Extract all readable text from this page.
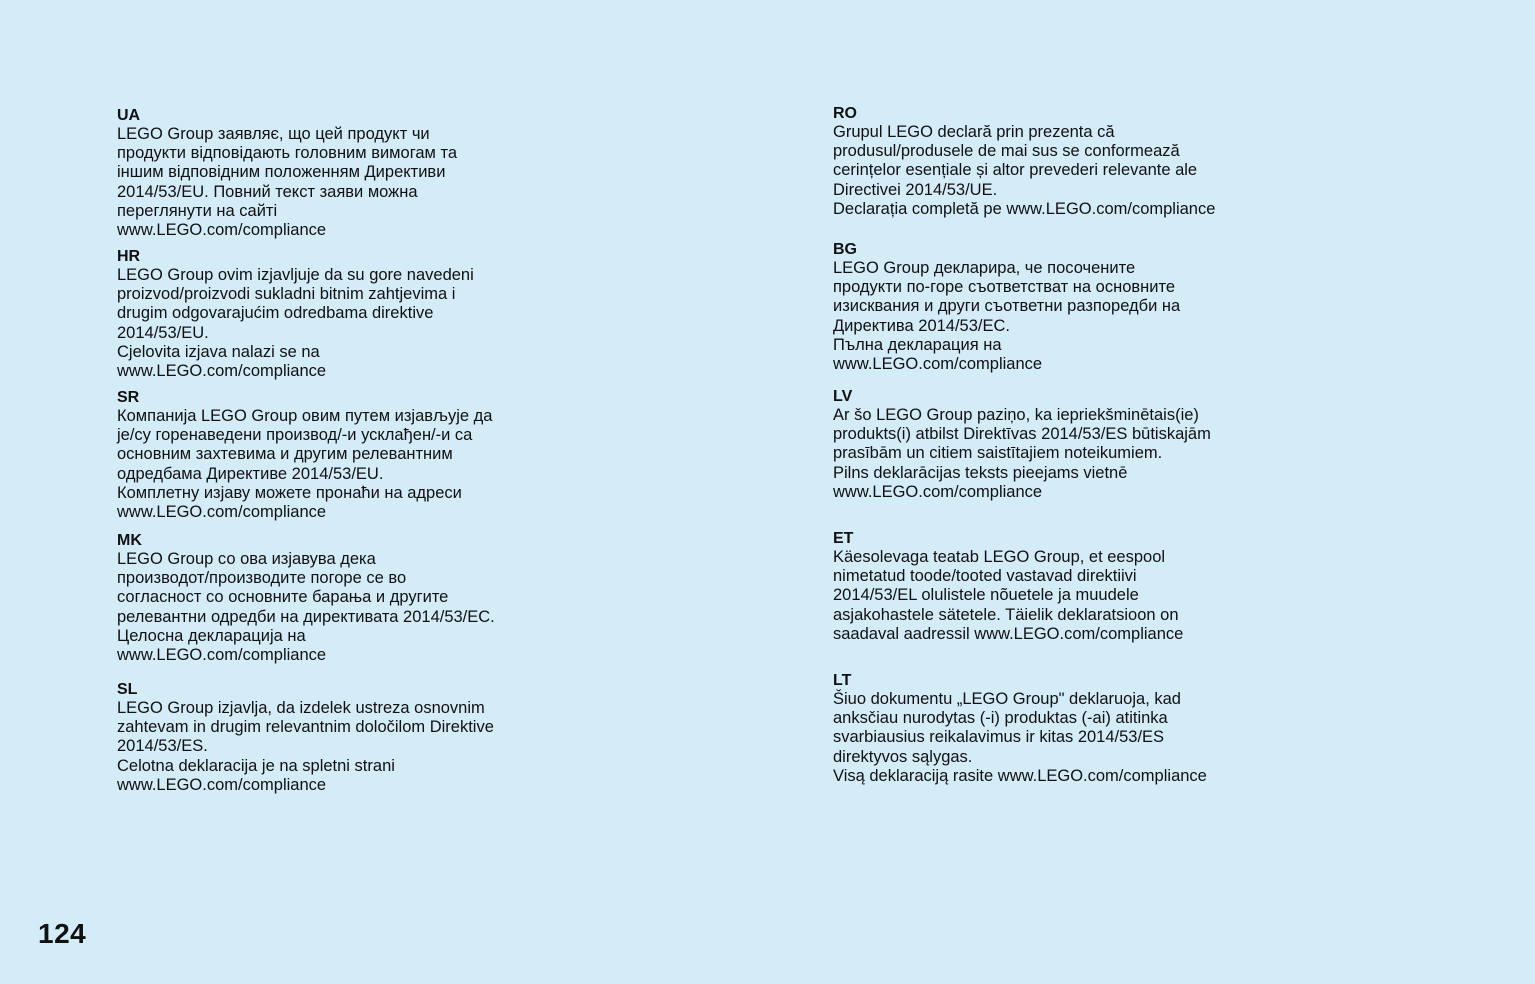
UA

LEGO Group заявляє, що цей продукт чи

продукти відповідають головним вимогам та

іншим відповідним положенням Директиви

2014/53/EU. Повний текст заяви можна

переглянути на сайті

www.LEGO.com/compliance

HR

LEGO Group ovim izjavljuje da su gore navedeni

proizvod/proizvodi sukladni bitnim zahtjevima i

drugim odgovarajućim odredbama direktive

2014/53/EU.

Cjelovita izjava nalazi se na

www.LEGO.com/compliance

SR

Компанија LEGO Group овим путем изјављује да

је/су горенаведени производ/-и усклађен/-и са

основним захтевима и другим релевантним

одредбама Директиве 2014/53/EU.

Комплетну изјаву можете пронаћи на адреси

www.LEGO.com/compliance

MK

LEGO Group со ова изјавува дека

производот/производите погоре се во

согласност со основните барања и другите

релевантни одредби на директивата 2014/53/ЕС.

Целосна декларација на

www.LEGO.com/compliance

SL

LEGO Group izjavlja, da izdelek ustreza osnovnim

zahtevam in drugim relevantnim določilom Direktive

2014/53/ES.

Celotna deklaracija je na spletni strani

www.LEGO.com/compliance

RO

Grupul LEGO declară prin prezenta că

produsul/produsele de mai sus se conformează

cerințelor esențiale și altor prevederi relevante ale

Directivei 2014/53/UE.

Declarația completă pe www.LEGO.com/compliance

BG

LEGO Group декларира, че посочените

продукти по-горе съответстват на основните

изисквания и други съответни разпоредби на

Директива 2014/53/ЕС.

Пълна декларация на

www.LEGO.com/compliance

LV

Ar šo LEGO Group paziņo, ka iepriekšminētais(ie)

produkts(i) atbilst Direktīvas 2014/53/ES būtiskajām

prasībām un citiem saistītajiem noteikumiem.

Pilns deklarācijas teksts pieejams vietnē

www.LEGO.com/compliance

ET

Käesolevaga teatab LEGO Group, et eespool

nimetatud toode/tooted vastavad direktiivi

2014/53/EL olulistele nõuetele ja muudele

asjakohastele sätetele. Täielik deklaratsioon on

saadaval aadressil www.LEGO.com/compliance

LT

Šiuo dokumentu „LEGO Group" deklaruoja, kad

anksčiau nurodytas (-i) produktas (-ai) atitinka

svarbiausius reikalavimus ir kitas 2014/53/ES

direktyvos sąlygas.

Visą deklaraciją rasite www.LEGO.com/compliance

124
